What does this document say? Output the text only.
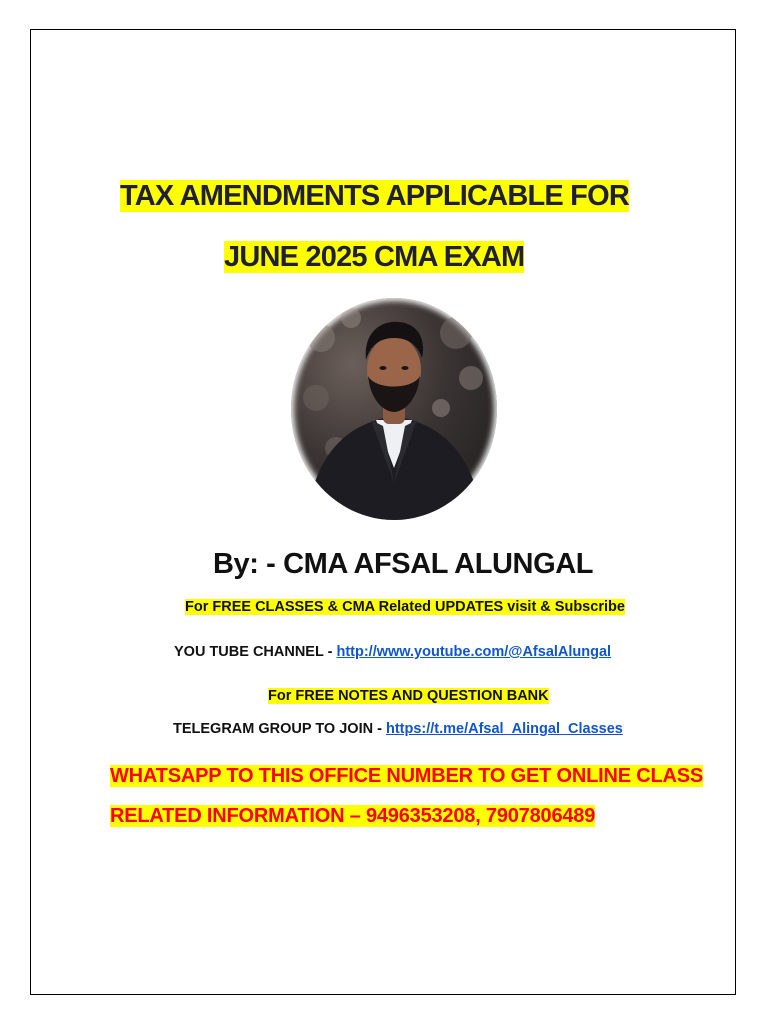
TAX AMENDMENTS APPLICABLE FOR
JUNE 2025 CMA EXAM
By: - CMA AFSAL ALUNGAL
For FREE CLASSES & CMA Related UPDATES visit & Subscribe
YOU TUBE CHANNEL - http://www.youtube.com/@AfsalAlungal
For FREE NOTES AND QUESTION BANK
TELEGRAM GROUP TO JOIN - https://t.me/Afsal_Alingal_Classes
WHATSAPP TO THIS OFFICE NUMBER TO GET ONLINE CLASS
RELATED INFORMATION – 9496353208, 7907806489
